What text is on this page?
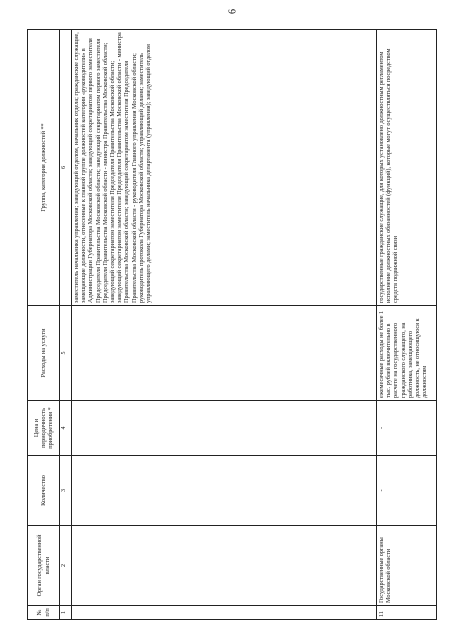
6
№ п/п	Орган государственной власти	Количество	Цена и периодичность приобретения *	Расходы на услуги	Группа, категория должностей **
1	2	3	4	5	6
					заместитель начальника управления; заведующий отделом, начальник отдела; гражданские служащие, замещающие должности, отнесенные к главной группе должностей категории «руководители» в Администрации Губернатора Московской области; заведующий секретариатом первого заместителя Председателя Правительства Московской области; заведующий секретариатом первого заместителя Председателя Правительства Московской области - министра Правительства Московской области; заведующий секретариатом заместителя Председателя Правительства Московской области; заведующий секретариатом заместителя Председателя Правительства Московской области - министра Правительства Московской области; заведующий секретариатом заместителя Председателя Правительства Московской области - руководителя Главного управления Московской области; руководитель протокола Губернатора Московской области; управляющий делами; заместитель управляющего делами; заместитель начальника департамента (управления); заведующий отделом
11	Государственные органы Московской области	-	-	ежемесячные расходы не более 1 тыс. рублей включительно в расчете на государственного гражданского служащего, на работника, замещающего должность, не относящуюся к должностям	государственные гражданские служащие, для которых установлено должностным регламентом исполнение должностных обязанностей (функций), которые могут осуществляться посредством средств подвижной связи
